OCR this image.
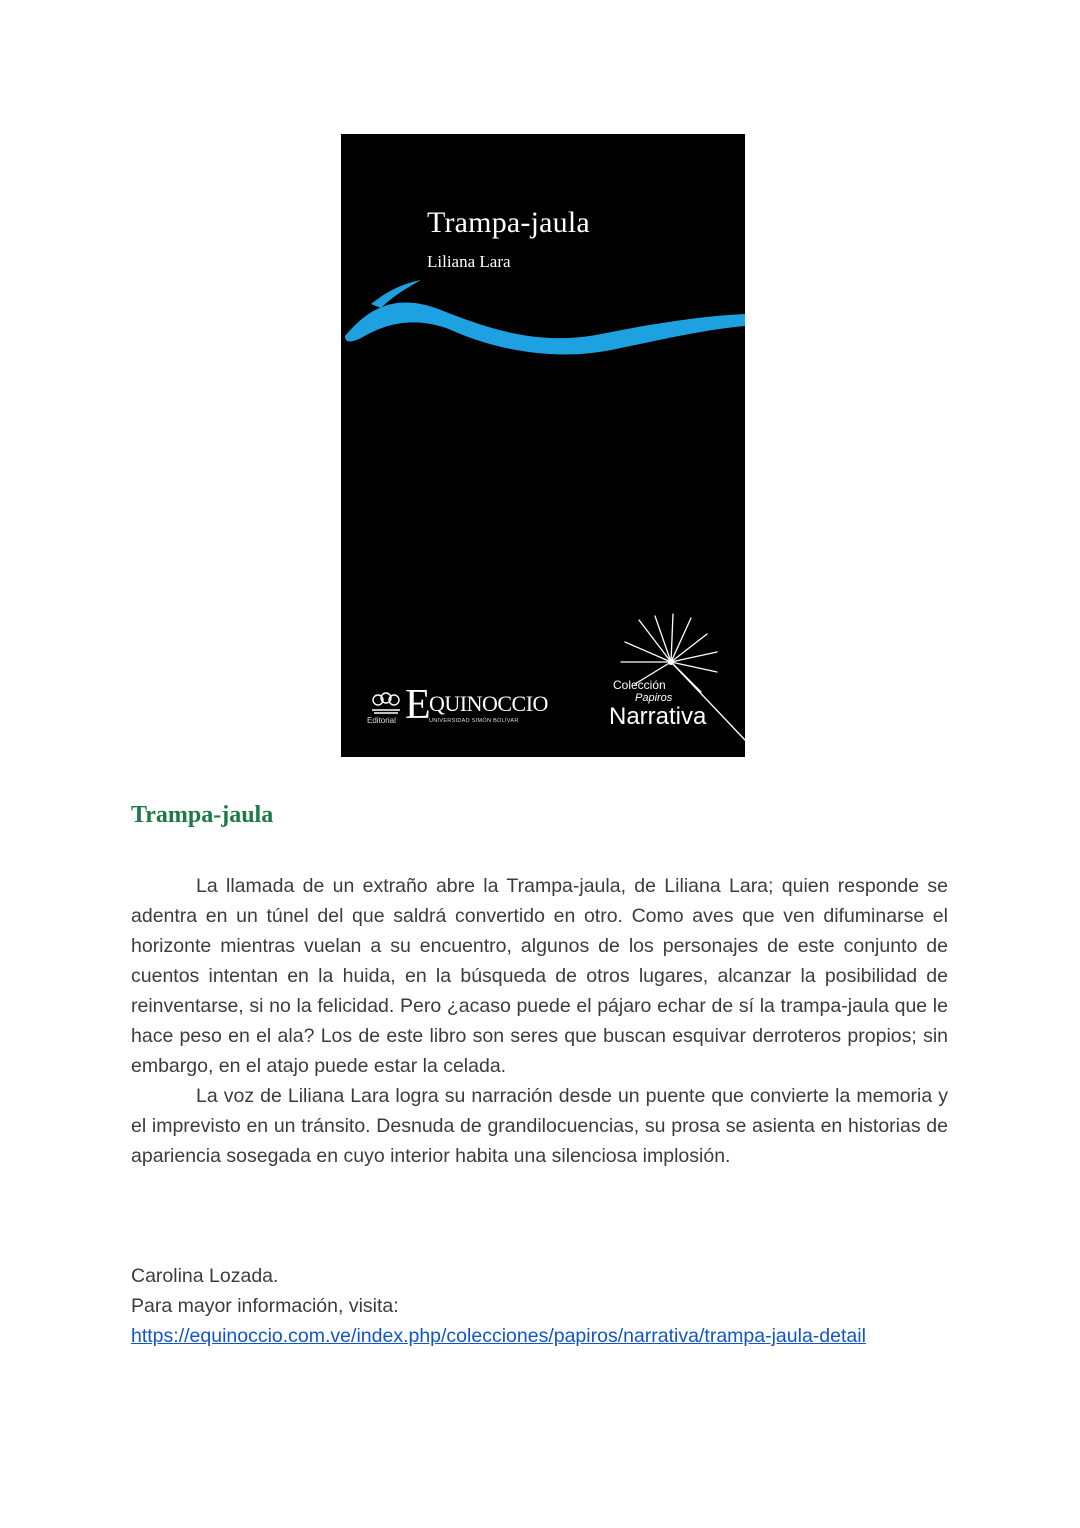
Trampa-jaula
Liliana Lara
Editorial E
QUINOCCIO
UNIVERSIDAD SIMÓN BOLÍVAR
Colección
Papiros
Narrativa
Trampa-jaula

La llamada de un extraño abre la Trampa-jaula, de Liliana Lara; quien responde se adentra en un túnel del que saldrá convertido en otro. Como aves que ven difuminarse el horizonte mientras vuelan a su encuentro, algunos de los personajes de este conjunto de cuentos intentan en la huida, en la búsqueda de otros lugares, alcanzar la posibilidad de reinventarse, si no la felicidad. Pero ¿acaso puede el pájaro echar de sí la trampa-jaula que le hace peso en el ala? Los de este libro son seres que buscan esquivar derroteros propios; sin embargo, en el atajo puede estar la celada.

La voz de Liliana Lara logra su narración desde un puente que convierte la memoria y el imprevisto en un tránsito. Desnuda de grandilocuencias, su prosa se asienta en historias de apariencia sosegada en cuyo interior habita una silenciosa implosión.

Carolina Lozada.
Para mayor información, visita:
https://equinoccio.com.ve/index.php/colecciones/papiros/narrativa/trampa-jaula-detail
